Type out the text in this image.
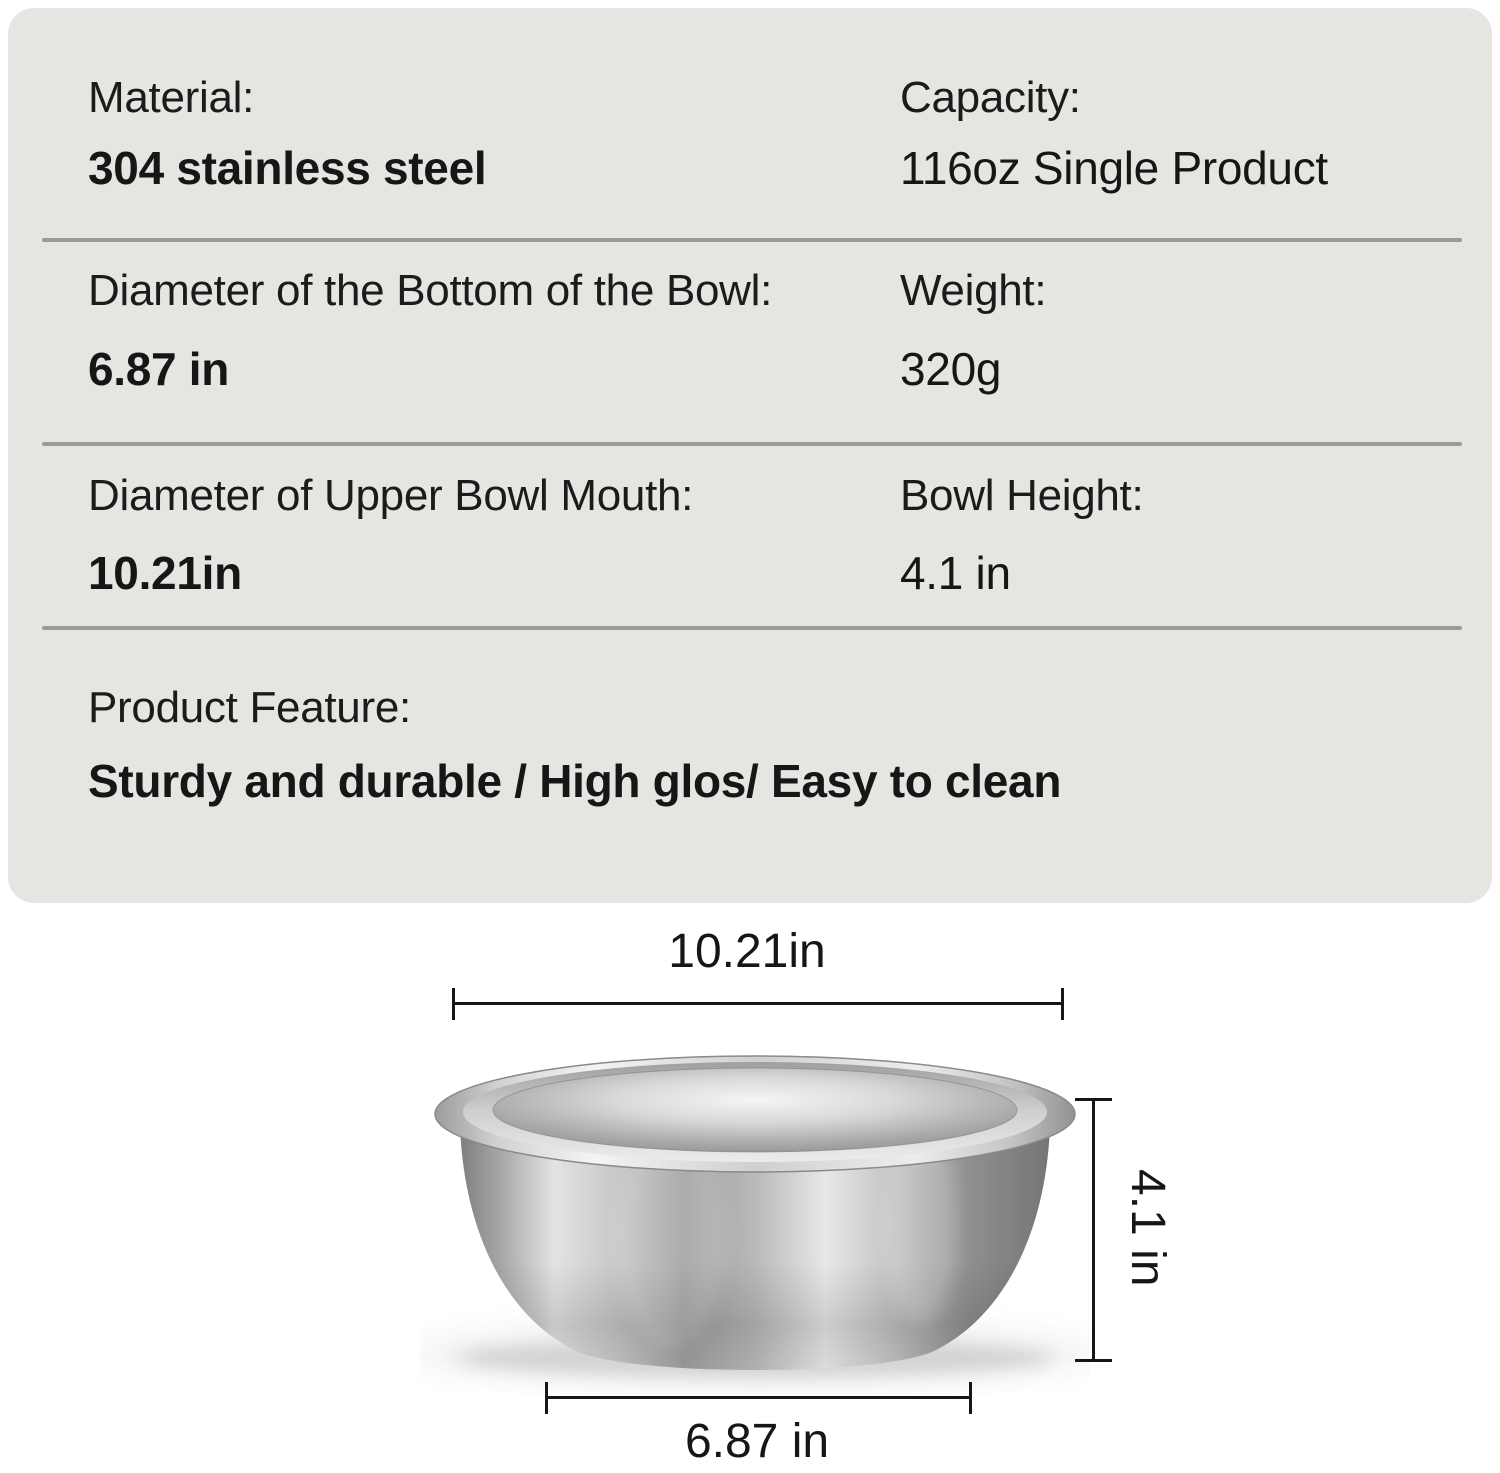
Material:
304 stainless steel
Capacity:
116oz Single Product
Diameter of the Bottom of the Bowl:
6.87 in
Weight:
320g
Diameter of Upper Bowl Mouth:
10.21in
Bowl Height:
4.1 in
Product Feature:
Sturdy and durable / High glos/ Easy to clean
10.21in
4.1 in
6.87 in
